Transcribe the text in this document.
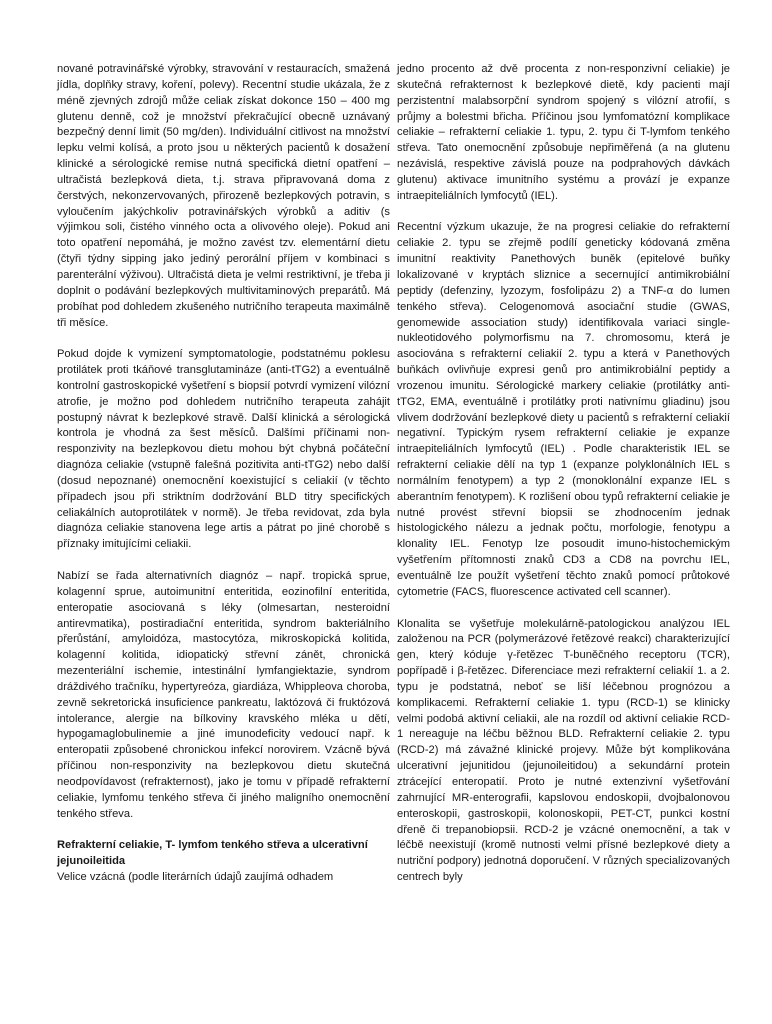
nované potravinářské výrobky, stravování v restauracích, smažená jídla, doplňky stravy, koření, polevy). Recentní studie ukázala, že z méně zjevných zdrojů může celiak získat dokonce 150 – 400 mg glutenu denně, což je množství překračující obecně uznávaný bezpečný denní limit (50 mg/den). Individuální citlivost na množství lepku velmi kolísá, a proto jsou u některých pacientů k dosažení klinické a sérologické remise nutná specifická dietní opatření – ultračistá bezlepková dieta, t.j. strava připravovaná doma z čerstvých, nekonzervovaných, přirozeně bezlepkových potravin, s vyloučením jakýchkoliv potravinářských výrobků a aditiv (s výjimkou soli, čistého vinného octa a olivového oleje). Pokud ani toto opatření nepomáhá, je možno zavést tzv. elementární dietu (čtyři týdny sipping jako jediný perorální příjem v kombinaci s parenterální výživou). Ultračistá dieta je velmi restriktivní, je třeba ji doplnit o podávání bezlepkových multivitaminových preparátů. Má probíhat pod dohledem zkušeného nutričního terapeuta maximálně tři měsíce.

Pokud dojde k vymizení symptomatologie, podstatnému poklesu protilátek proti tkáňové transglutamináze (anti-tTG2) a eventuálně kontrolní gastroskopické vyšetření s biopsií potvrdí vymizení vilózní atrofie, je možno pod dohledem nutričního terapeuta zahájit postupný návrat k bezlepkové stravě. Další klinická a sérologická kontrola je vhodná za šest měsíců. Dalšími příčinami non-responzivity na bezlepkovou dietu mohou být chybná počáteční diagnóza celiakie (vstupně falešná pozitivita anti-tTG2) nebo další (dosud nepoznané) onemocnění koexistující s celiakií (v těchto případech jsou při striktním dodržování BLD titry specifických celiakálních autoprotilátek v normě). Je třeba revidovat, zda byla diagnóza celiakie stanovena lege artis a pátrat po jiné chorobě s příznaky imitujícími celiakii.

Nabízí se řada alternativních diagnóz – např. tropická sprue, kolagenní sprue, autoimunitní enteritida, eozinofilní enteritida, enteropatie asociovaná s léky (olmesartan, nesteroidní antirevmatika), postiradiační enteritida, syndrom bakteriálního přerůstání, amyloidóza, mastocytóza, mikroskopická kolitida, kolagenní kolitida, idiopatický střevní zánět, chronická mezenteriální ischemie, intestinální lymfangiektazie, syndrom dráždivého tračníku, hypertyreóza, giardiáza, Whippleova choroba, zevně sekretorická insuficience pankreatu, laktózová či fruktózová intolerance, alergie na bílkoviny kravského mléka u dětí, hypogamaglobulinemie a jiné imunodeficity vedoucí např. k enteropatii způsobené chronickou infekcí norovirem. Vzácně bývá příčinou non-responzivity na bezlepkovou dietu skutečná neodpovídavost (refrakternost), jako je tomu v případě refrakterní celiakie, lymfomu tenkého střeva či jiného maligního onemocnění tenkého střeva.

Refrakterní celiakie, T- lymfom tenkého střeva a ulcerativní jejunoileitida

Velice vzácná (podle literárních údajů zaujímá odhadem

jedno procento až dvě procenta z non-responzivní celiakie) je skutečná refrakternost k bezlepkové dietě, kdy pacienti mají perzistentní malabsorpční syndrom spojený s vilózní atrofií, s průjmy a bolestmi břicha. Příčinou jsou lymfomatózní komplikace celiakie – refrakterní celiakie 1. typu, 2. typu či T-lymfom tenkého střeva. Tato onemocnění způsobuje nepřiměřená (a na glutenu nezávislá, respektive závislá pouze na podprahových dávkách glutenu) aktivace imunitního systému a provází je expanze intraepiteliálních lymfocytů (IEL).

Recentní výzkum ukazuje, že na progresi celiakie do refrakterní celiakie 2. typu se zřejmě podílí geneticky kódovaná změna imunitní reaktivity Panethových buněk (epitelové buňky lokalizované v kryptách sliznice a secernující antimikrobiální peptidy (defenziny, lyzozym, fosfolipázu 2) a TNF-α do lumen tenkého střeva). Celogenomová asociační studie (GWAS, genomewide association study) identifikovala variaci single-nukleotidového polymorfismu na 7. chromosomu, která je asociována s refrakterní celiakií 2. typu a která v Panethových buňkách ovlivňuje expresi genů pro antimikrobiální peptidy a vrozenou imunitu. Sérologické markery celiakie (protilátky anti-tTG2, EMA, eventuálně i protilátky proti nativnímu gliadinu) jsou vlivem dodržování bezlepkové diety u pacientů s refrakterní celiakií negativní. Typickým rysem refrakterní celiakie je expanze intraepiteliálních lymfocytů (IEL) . Podle charakteristik IEL se refrakterní celiakie dělí na typ 1 (expanze polyklonálních IEL s normálním fenotypem) a typ 2 (monoklonální expanze IEL s aberantním fenotypem). K rozlišení obou typů refrakterní celiakie je nutné provést střevní biopsii se zhodnocením jednak histologického nálezu a jednak počtu, morfologie, fenotypu a klonality IEL. Fenotyp lze posoudit imuno-histochemickým vyšetřením přítomnosti znaků CD3 a CD8 na povrchu IEL, eventuálně lze použít vyšetření těchto znaků pomocí průtokové cytometrie (FACS, fluorescence activated cell scanner).

Klonalita se vyšetřuje molekulárně-patologickou analýzou IEL založenou na PCR (polymerázové řetězové reakci) charakterizující gen, který kóduje γ-řetězec T-buněčného receptoru (TCR), popřípadě i β-řetězec. Diferenciace mezi refrakterní celiakií 1. a 2. typu je podstatná, neboť se liší léčebnou prognózou a komplikacemi. Refrakterní celiakie 1. typu (RCD-1) se klinicky velmi podobá aktivní celiakii, ale na rozdíl od aktivní celiakie RCD-1 nereaguje na léčbu běžnou BLD. Refrakterní celiakie 2. typu (RCD-2) má závažné klinické projevy. Může být komplikována ulcerativní jejunitidou (jejunoileitidou) a sekundární protein ztrácející enteropatií. Proto je nutné extenzivní vyšetřování zahrnující MR-enterografii, kapslovou endoskopii, dvojbalonovou enteroskopii, gastroskopii, kolonoskopii, PET-CT, punkci kostní dřeně či trepanobiopsii. RCD-2 je vzácné onemocnění, a tak v léčbě neexistují (kromě nutnosti velmi přísné bezlepkové diety a nutriční podpory) jednotná doporučení. V různých specializovaných centrech byly
